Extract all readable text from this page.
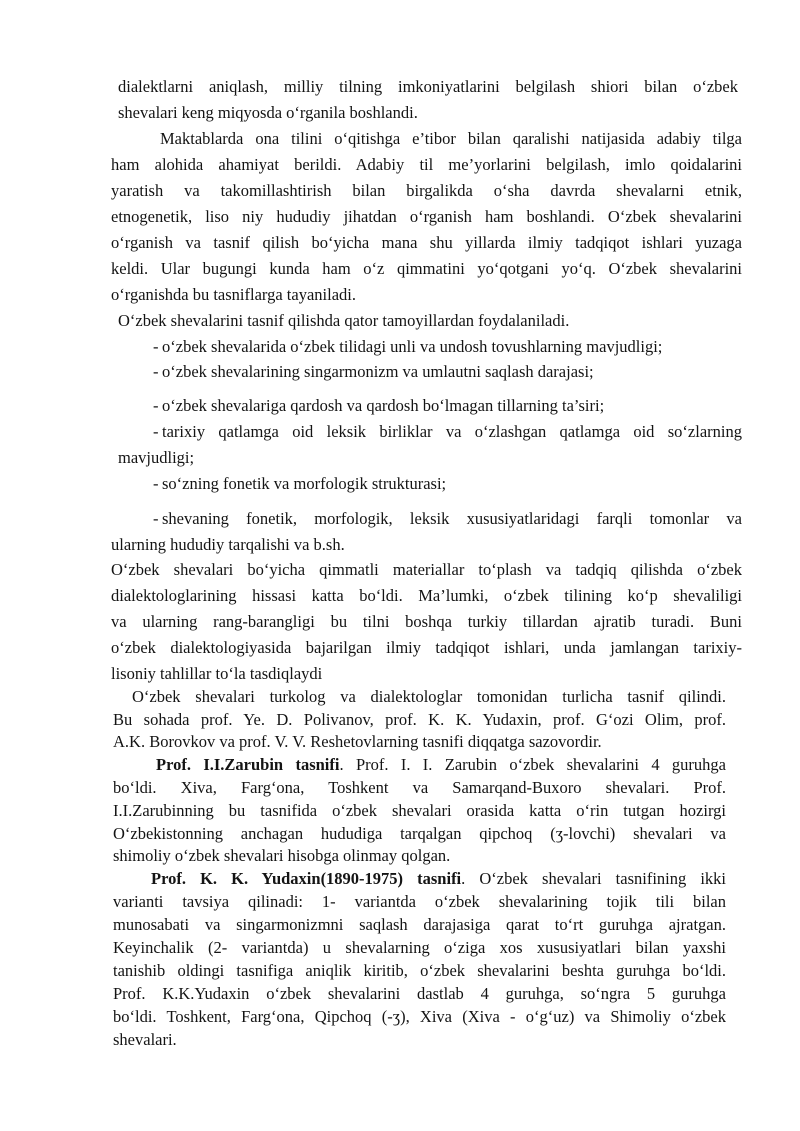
dialektlarni aniqlash, milliy tilning imkoniyatlarini belgilash shiori bilan oʻzbek
shevalari keng miqyosda oʻrganila boshlandi.
Maktablarda ona tilini oʻqitishga e’tibor bilan qaralishi natijasida adabiy tilga
ham alohida ahamiyat berildi. Adabiy til me’yorlarini belgilash, imlo qoidalarini
yaratish va takomillashtirish bilan birgalikda oʻsha davrda shevalarni etnik,
etnogenetik, liso niy hududiy jihatdan oʻrganish ham boshlandi. Oʻzbek shevalarini
oʻrganish va tasnif qilish boʻyicha mana shu yillarda ilmiy tadqiqot ishlari yuzaga
keldi. Ular bugungi kunda ham oʻz qimmatini yoʻqotgani yoʻq. Oʻzbek shevalarini
oʻrganishda bu tasniflarga tayaniladi.
Oʻzbek shevalarini tasnif qilishda qator tamoyillardan foydalaniladi.
- oʻzbek shevalarida oʻzbek tilidagi unli va undosh tovushlarning mavjudligi;
- oʻzbek shevalarining singarmonizm va umlautni saqlash darajasi;
- oʻzbek shevalariga qardosh va qardosh boʻlmagan tillarning ta’siri;
- tarixiy qatlamga oid leksik birliklar va oʻzlashgan qatlamga oid soʻzlarning
mavjudligi;
- soʻzning fonetik va morfologik strukturasi;
- shevaning fonetik, morfologik, leksik xususiyatlaridagi farqli tomonlar va
ularning hududiy tarqalishi va b.sh.
Oʻzbek shevalari boʻyicha qimmatli materiallar toʻplash va tadqiq qilishda oʻzbek
dialektologlarining hissasi katta boʻldi. Ma’lumki, oʻzbek tilining koʻp shevaliligi
va ularning rang-barangligi bu tilni boshqa turkiy tillardan ajratib turadi. Buni
oʻzbek dialektologiyasida bajarilgan ilmiy tadqiqot ishlari, unda jamlangan tarixiy-
lisoniy tahlillar toʻla tasdiqlaydi
Oʻzbek shevalari turkolog va dialektologlar tomonidan turlicha tasnif qilindi.
Bu sohada prof. Ye. D. Polivanov, prof. K. K. Yudaxin, prof. Gʻozi Olim, prof.
A.K. Borovkov va prof. V. V. Reshetovlarning tasnifi diqqatga sazovordir.
Prof. I.I.Zarubin tasnifi. Prof. I. I. Zarubin oʻzbek shevalarini 4 guruhga
boʻldi. Xiva, Fargʻona, Toshkent va Samarqand-Buxoro shevalari. Prof.
I.I.Zarubinning bu tasnifida oʻzbek shevalari orasida katta oʻrin tutgan hozirgi
Oʻzbekistonning anchagan hududiga tarqalgan qipchoq (ӡ-lovchi) shevalari va
shimoliy oʻzbek shevalari hisobga olinmay qolgan.
Prof. K. K. Yudaxin(1890-1975) tasnifi. Oʻzbek shevalari tasnifining ikki
varianti tavsiya qilinadi: 1- variantda oʻzbek shevalarining tojik tili bilan
munosabati va singarmonizmni saqlash darajasiga qarat toʻrt guruhga ajratgan.
Keyinchalik (2- variantda) u shevalarning oʻziga xos xususiyatlari bilan yaxshi
tanishib oldingi tasnifiga aniqlik kiritib, oʻzbek shevalarini beshta guruhga boʻldi.
Prof. K.K.Yudaxin oʻzbek shevalarini dastlab 4 guruhga, soʻngra 5 guruhga
boʻldi. Toshkent, Fargʻona, Qipchoq (-ӡ), Xiva (Xiva - oʻgʻuz) va Shimoliy oʻzbek
shevalari.
